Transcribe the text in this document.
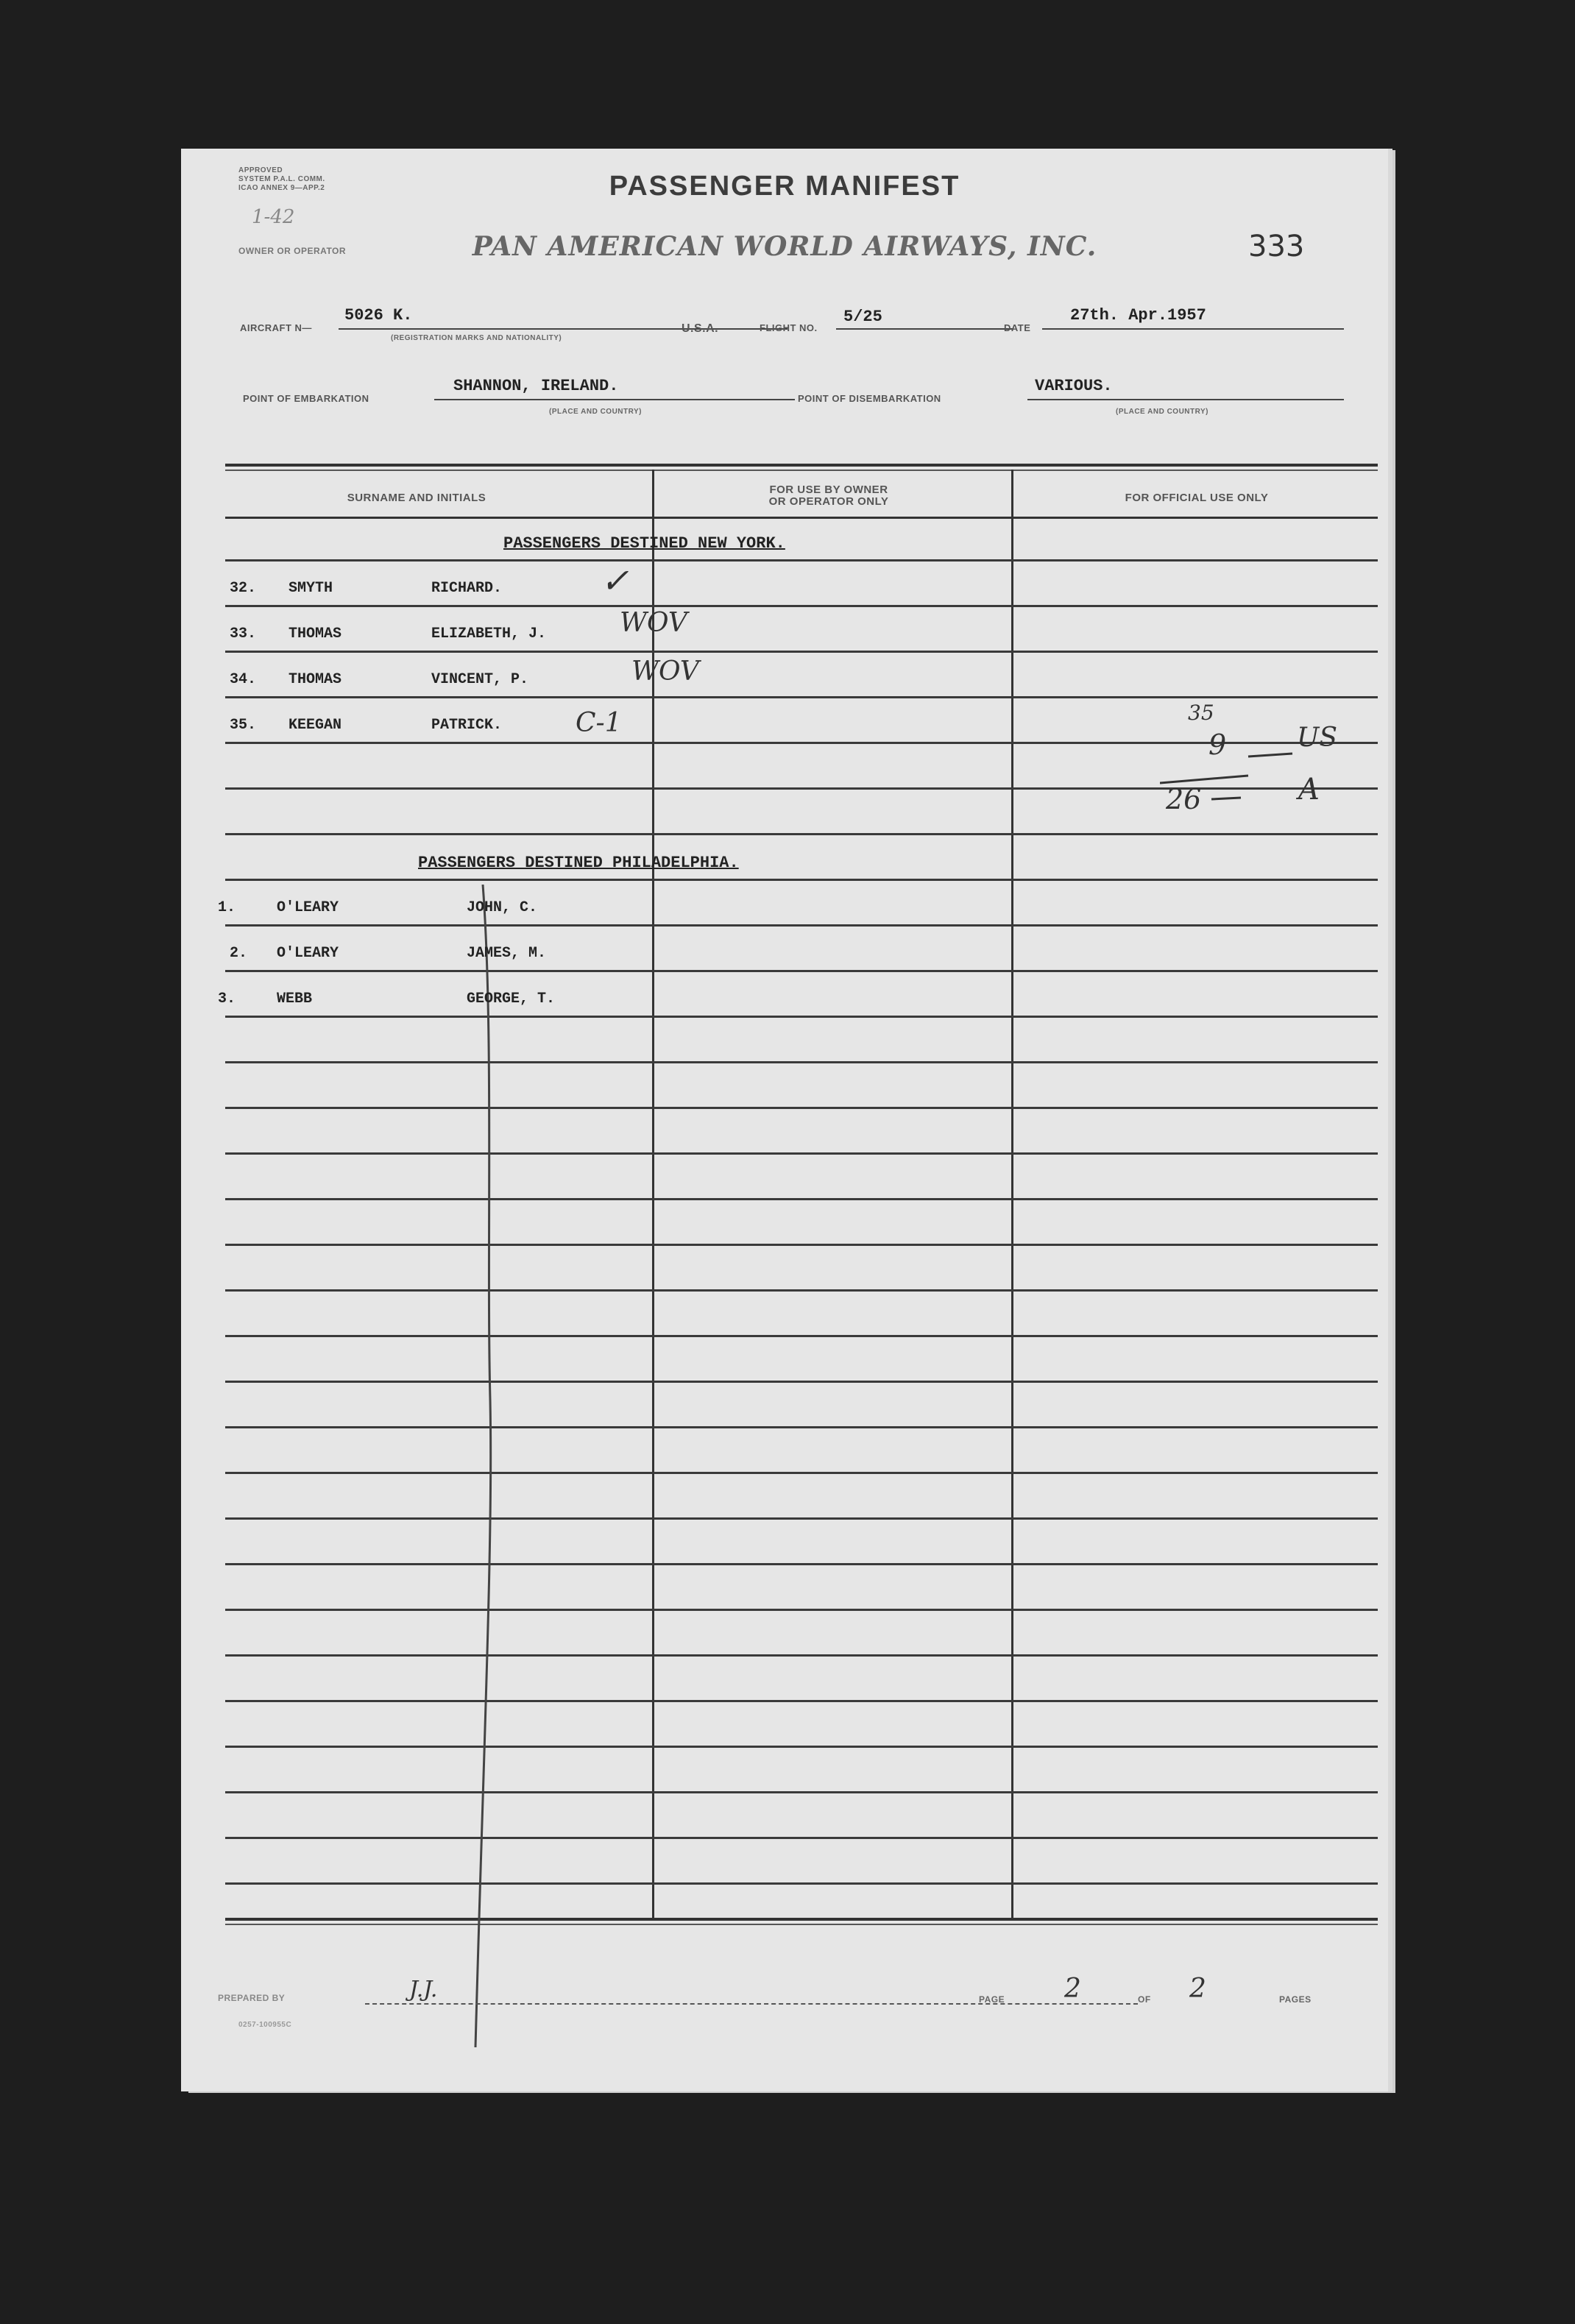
APPROVED
SYSTEM P.A.L. COMM.
ICAO ANNEX 9—APP.2
1-42
OWNER OR OPERATOR
PASSENGER MANIFEST
PAN AMERICAN WORLD AIRWAYS, INC.	333
AIRCRAFT N—
5026 K.
(REGISTRATION MARKS AND NATIONALITY)
U.S.A.	FLIGHT NO.
5/25
DATE
27th. Apr.1957
POINT OF EMBARKATION
SHANNON, IRELAND.
(PLACE AND COUNTRY)
POINT OF DISEMBARKATION
VARIOUS.
(PLACE AND COUNTRY)
SURNAME AND INITIALS
FOR USE BY OWNER
OR OPERATOR ONLY	FOR OFFICIAL USE ONLY
PASSENGERS DESTINED NEW YORK.
32. SMYTH	RICHARD.	✓
33. THOMAS	ELIZABETH, J.	WOV
34. THOMAS	VINCENT, P.	WOV
35. KEEGAN	PATRICK.	C-1	35
9	US
26	A
PASSENGERS DESTINED PHILADELPHIA.
1.	O'LEARY	JOHN, C.
2. O'LEARY	JAMES, M.
3.	WEBB	GEORGE, T.
PREPARED BY	J.J.
0257-100955C
PAGE 2	OF 2	PAGES
